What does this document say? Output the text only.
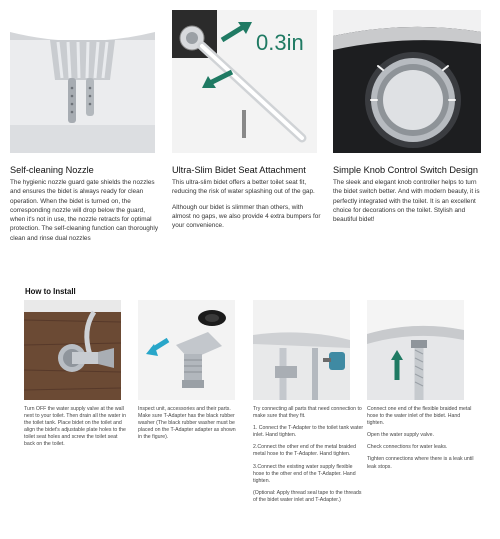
Self-cleaning Nozzle

The hygienic nozzle guard gate shields the nozzles and ensures the bidet is always ready for clean operation. When the bidet is turned on, the corresponding nozzle will drop below the guard, when it's not in use, the nozzle retracts for optimal protection. The self-cleaning function can thoroughly clean and rinse dual nozzles

0.3in
Ultra-Slim Bidet Seat Attachment

This ultra-slim bidet offers a better toilet seat fit, reducing the risk of water splashing out of the gap.

Although our bidet is slimmer than others, with almost no gaps, we also provide 4 extra bumpers for your convenience.

Simple Knob Control Switch Design

The sleek and elegant knob controller helps to turn the bidet switch better. And with modern beauty, it is perfectly integrated with the toilet. It is an excellent choice for decorations on the toilet. Stylish and beautiful bidet!

How to Install

Turn OFF the water supply valve at the wall next to your toilet. Then drain all the water in the toilet tank. Place bidet on the toilet and align the bidet's adjustable plate holes to the toilet seat holes and screw the toilet seat back on the toilet.

Inspect unit, accessories and their parts. Make sure T-Adapter has the black rubber washer (The black rubber washer must be placed on the T-Adapter adapter as shown in the figure).

Try connecting all parts that need connection to make sure that they fit.

1. Connect the T-Adapter to the toilet tank water inlet. Hand tighten.

2.Connect the other end of the metal braided metal hose to the T-Adapter. Hand tighten.

3.Connect the existing water supply flexible hose to the other end of the T-Adapter. Hand tighten.

(Optional: Apply thread seal tape to the threads of the bidet water inlet and T-Adapter.)

Connect one end of the flexible braided metal hose to the water inlet of the bidet. Hand tighten.

Open the water supply valve.

Check connections for water leaks.

Tighten connections where there is a leak until leak stops.
